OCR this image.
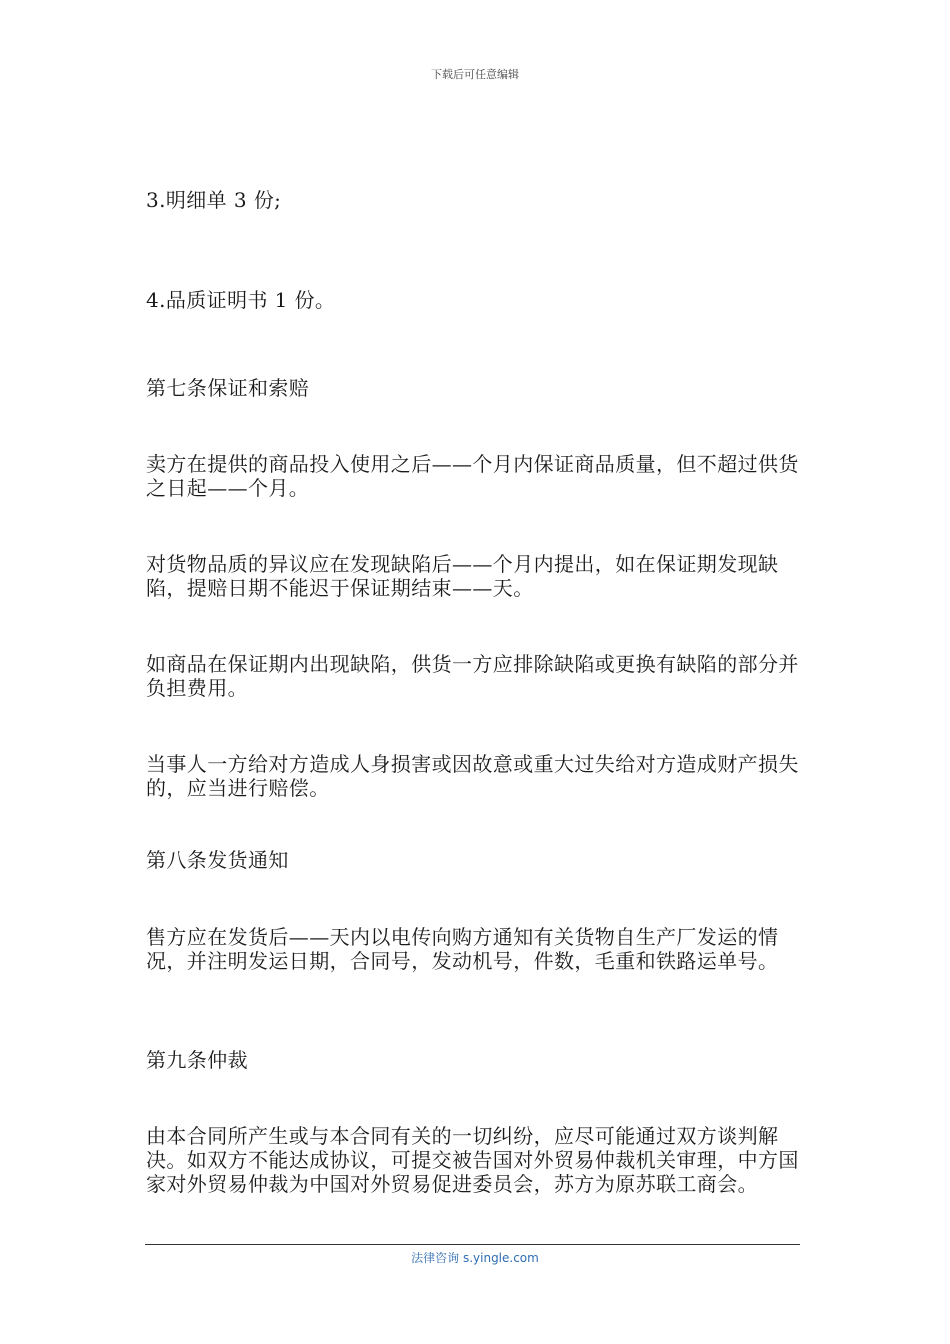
下载后可任意编辑

3.明细单 3 份;

4.品质证明书 1 份。

第七条保证和索赔

卖方在提供的商品投入使用之后——个月内保证商品质量，但不超过供货之日起——个月。

对货物品质的异议应在发现缺陷后——个月内提出，如在保证期发现缺陷，提赔日期不能迟于保证期结束——天。

如商品在保证期内出现缺陷，供货一方应排除缺陷或更换有缺陷的部分并负担费用。

当事人一方给对方造成人身损害或因故意或重大过失给对方造成财产损失的，应当进行赔偿。

第八条发货通知

售方应在发货后——天内以电传向购方通知有关货物自生产厂发运的情况，并注明发运日期，合同号，发动机号，件数，毛重和铁路运单号。

第九条仲裁

由本合同所产生或与本合同有关的一切纠纷，应尽可能通过双方谈判解决。如双方不能达成协议，可提交被告国对外贸易仲裁机关审理，中方国家对外贸易仲裁为中国对外贸易促进委员会，苏方为原苏联工商会。

法律咨询 s.yingle.com
